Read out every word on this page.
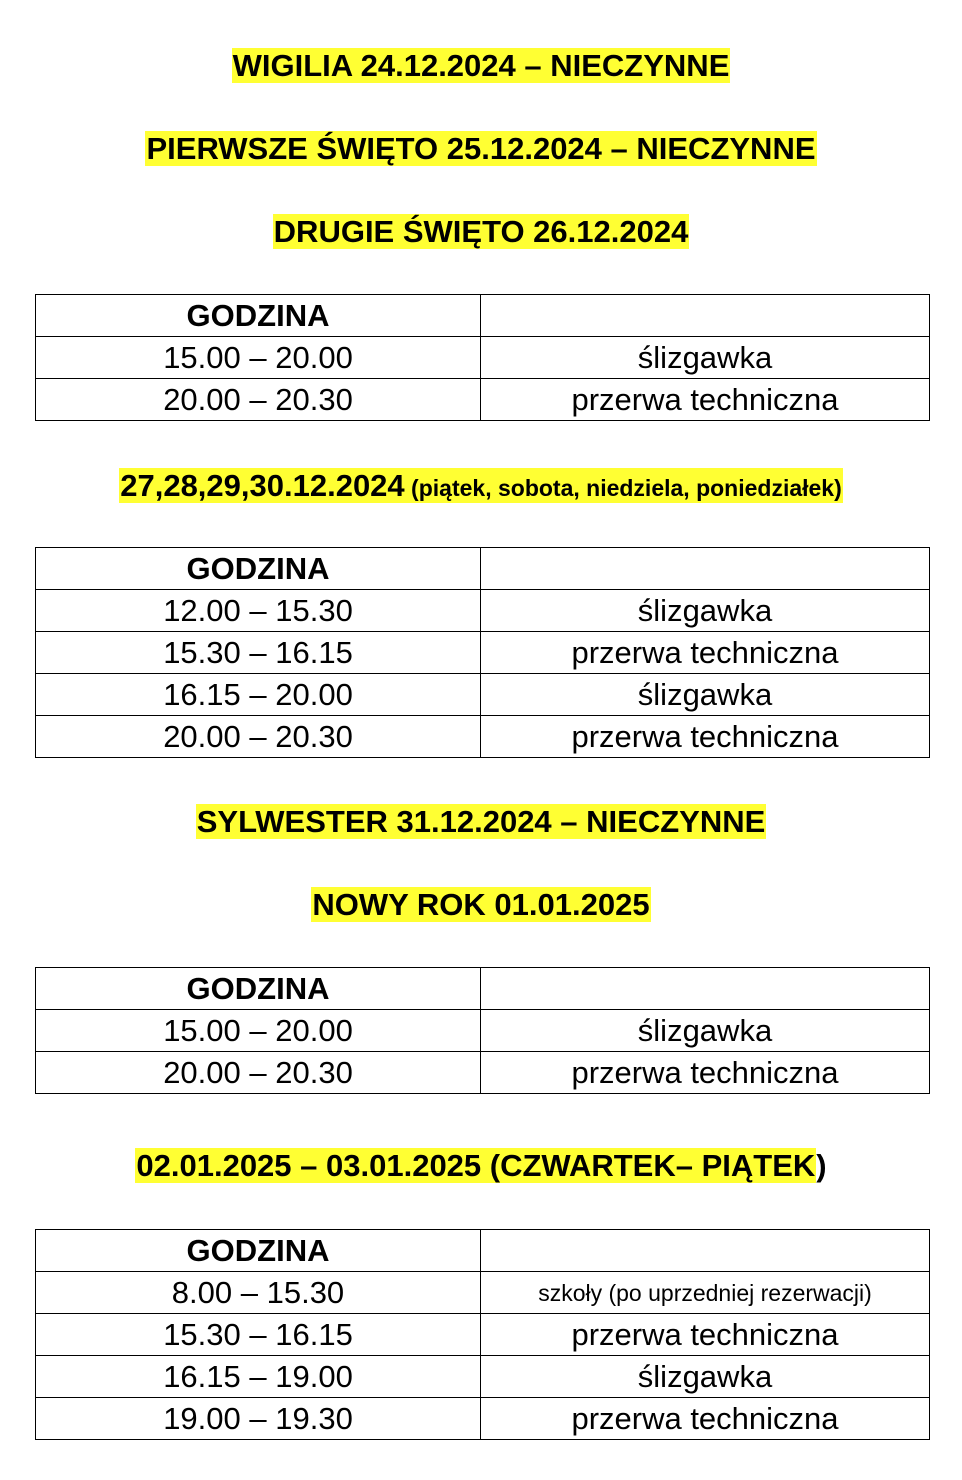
WIGILIA 24.12.2024 – NIECZYNNE
PIERWSZE ŚWIĘTO 25.12.2024 – NIECZYNNE
DRUGIE ŚWIĘTO 26.12.2024
GODZINA	
15.00 – 20.00	ślizgawka
20.00 – 20.30	przerwa techniczna
27,28,29,30.12.2024 (piątek, sobota, niedziela, poniedziałek)
GODZINA	
12.00 – 15.30	ślizgawka
15.30 – 16.15	przerwa techniczna
16.15 – 20.00	ślizgawka
20.00 – 20.30	przerwa techniczna
SYLWESTER 31.12.2024 – NIECZYNNE
NOWY ROK 01.01.2025
GODZINA	
15.00 – 20.00	ślizgawka
20.00 – 20.30	przerwa techniczna
02.01.2025 – 03.01.2025 (CZWARTEK– PIĄTEK)
GODZINA	
8.00 – 15.30	szkoły (po uprzedniej rezerwacji)
15.30 – 16.15	przerwa techniczna
16.15 – 19.00	ślizgawka
19.00 – 19.30	przerwa techniczna
